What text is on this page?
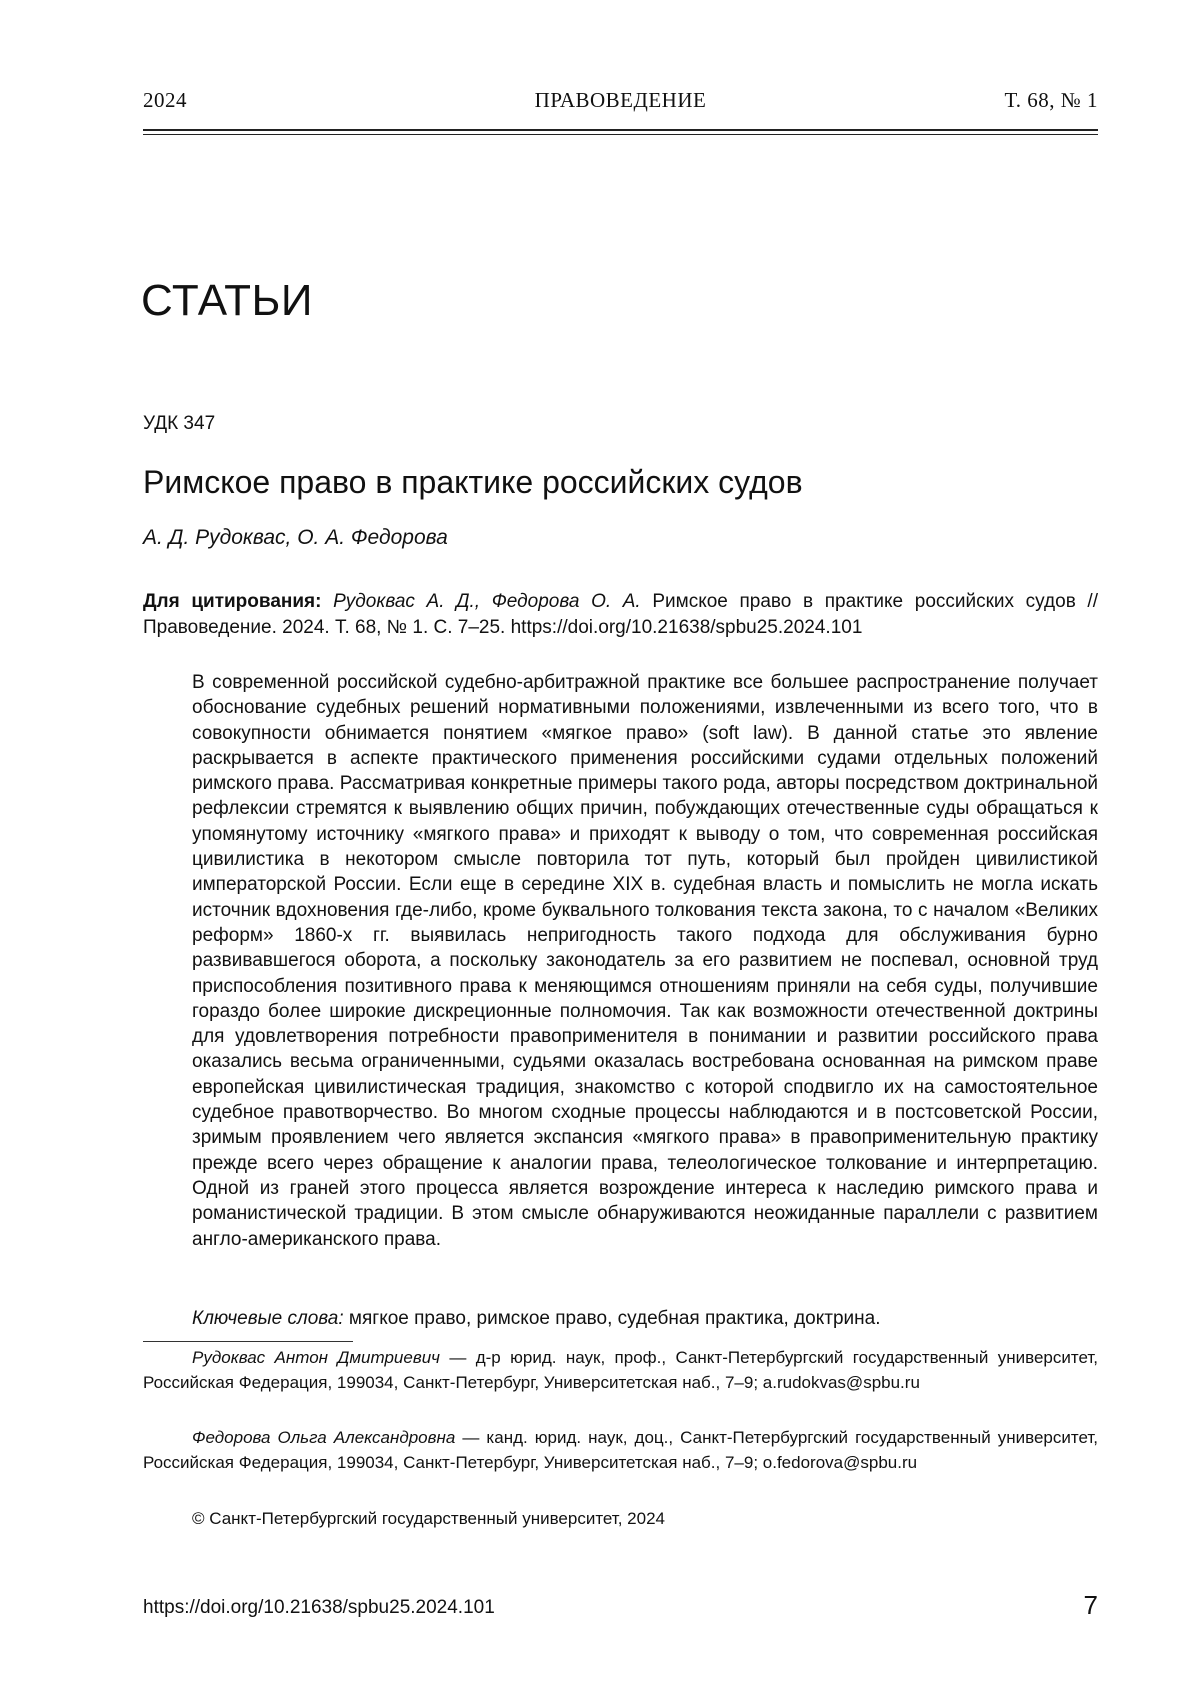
2024	ПРАВОВЕДЕНИЕ	Т. 68, № 1
СТАТЬИ
УДК 347
Римское право в практике российских судов
А. Д. Рудоквас, О. А. Федорова
Для цитирования: Рудоквас А. Д., Федорова О. А. Римское право в практике российских судов // Правоведение. 2024. Т. 68, № 1. С. 7–25. https://doi.org/10.21638/spbu25.2024.101
В современной российской судебно-арбитражной практике все большее распространение получает обоснование судебных решений нормативными положениями, извлеченными из всего того, что в совокупности обнимается понятием «мягкое право» (soft law). В данной статье это явление раскрывается в аспекте практического применения российскими судами отдельных положений римского права. Рассматривая конкретные примеры такого рода, авторы посредством доктринальной рефлексии стремятся к выявлению общих причин, побуждающих отечественные суды обращаться к упомянутому источнику «мягкого права» и приходят к выводу о том, что современная российская цивилистика в некотором смысле повторила тот путь, который был пройден цивилистикой императорской России. Если еще в середине XIX в. судебная власть и помыслить не могла искать источник вдохновения где-либо, кроме буквального толкования текста закона, то с началом «Великих реформ» 1860-х гг. выявилась непригодность такого подхода для обслуживания бурно развивавшегося оборота, а поскольку законодатель за его развитием не поспевал, основной труд приспособления позитивного права к меняющимся отношениям приняли на себя суды, получившие гораздо более широкие дискреционные полномочия. Так как возможности отечественной доктрины для удовлетворения потребности правоприменителя в понимании и развитии российского права оказались весьма ограниченными, судьями оказалась востребована основанная на римском праве европейская цивилистическая традиция, знакомство с которой сподвигло их на самостоятельное судебное правотворчество. Во многом сходные процессы наблюдаются и в постсоветской России, зримым проявлением чего является экспансия «мягкого права» в правоприменительную практику прежде всего через обращение к аналогии права, телеологическое толкование и интерпретацию. Одной из граней этого процесса является возрождение интереса к наследию римского права и романистической традиции. В этом смысле обнаруживаются неожиданные параллели с развитием англо-американского права.
Ключевые слова: мягкое право, римское право, судебная практика, доктрина.
Рудоквас Антон Дмитриевич — д-р юрид. наук, проф., Санкт-Петербургский государственный университет, Российская Федерация, 199034, Санкт-Петербург, Университетская наб., 7–9; a.rudokvas@spbu.ru
Федорова Ольга Александровна — канд. юрид. наук, доц., Санкт-Петербургский государственный университет, Российская Федерация, 199034, Санкт-Петербург, Университетская наб., 7–9; o.fedorova@spbu.ru
© Санкт-Петербургский государственный университет, 2024
https://doi.org/10.21638/spbu25.2024.101	7
